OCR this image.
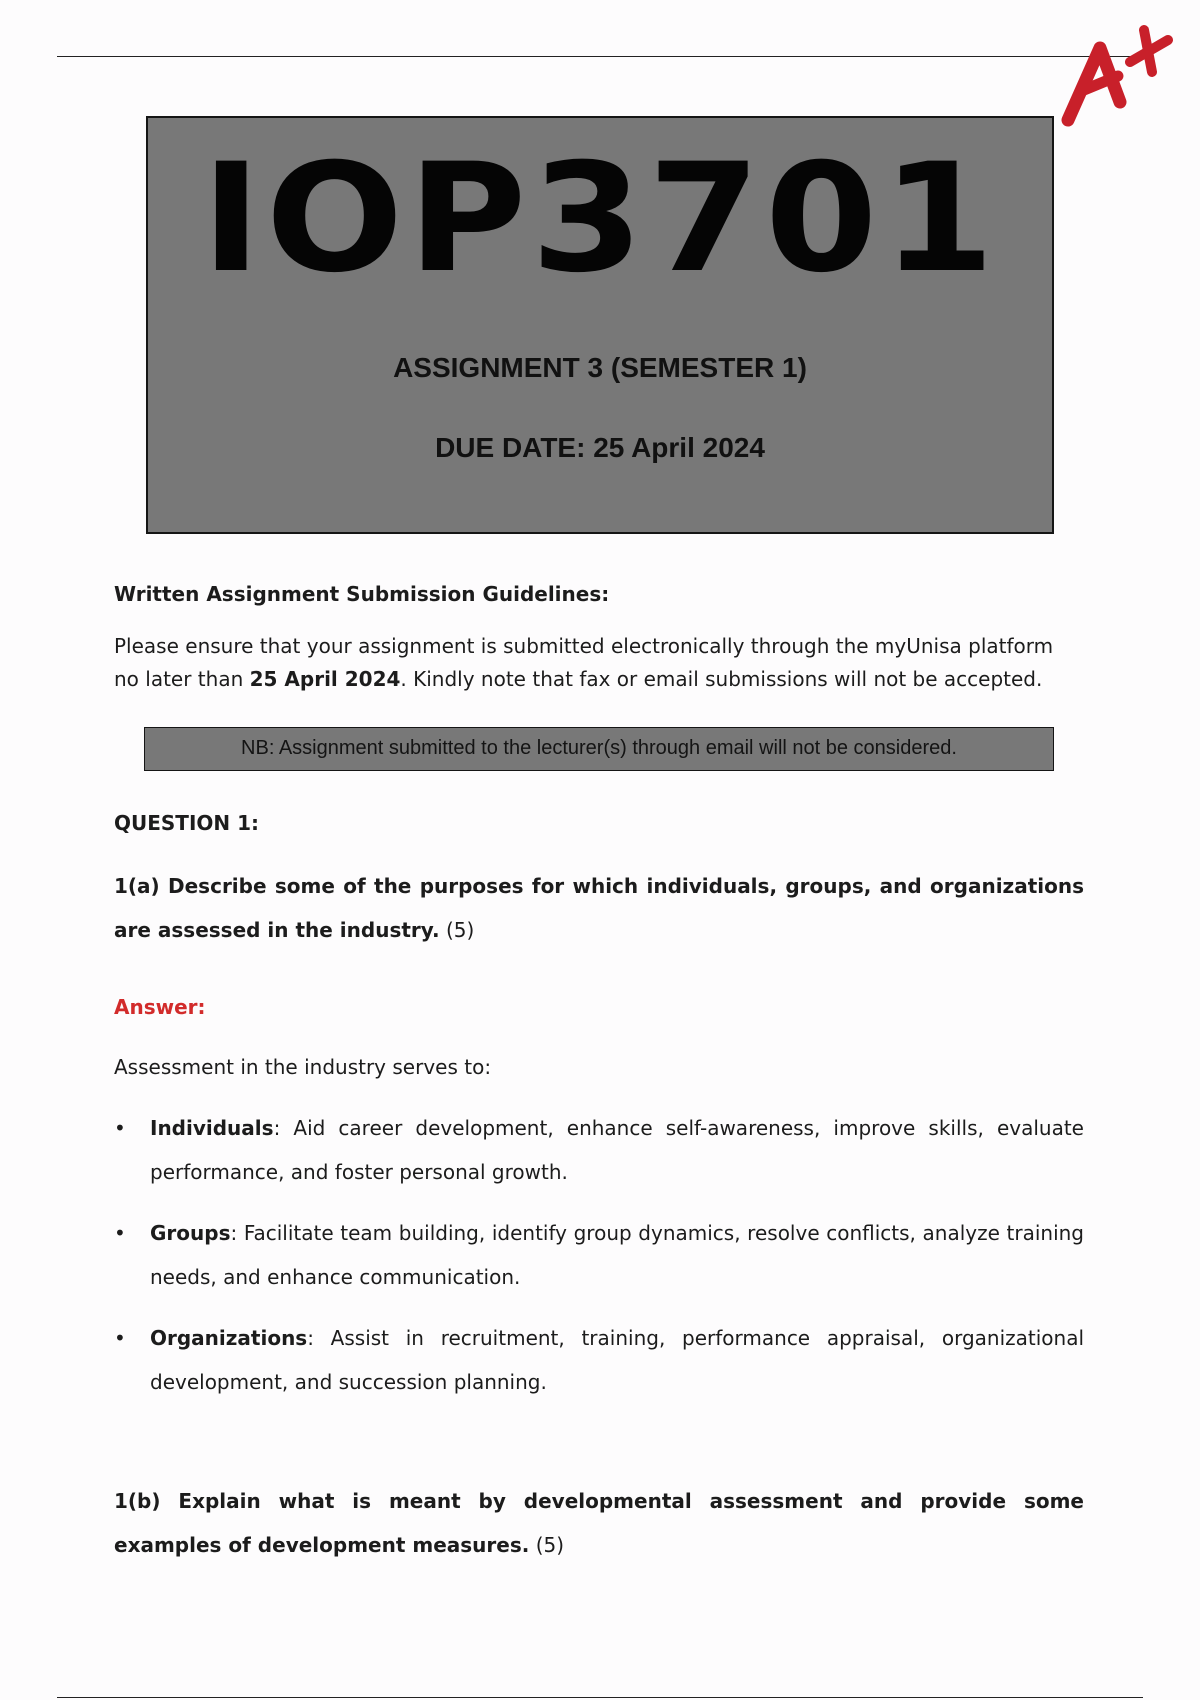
IOP3701
ASSIGNMENT 3 (SEMESTER 1)
DUE DATE: 25 April 2024
Written Assignment Submission Guidelines:
Please ensure that your assignment is submitted electronically through the myUnisa platform no later than 25 April 2024. Kindly note that fax or email submissions will not be accepted.
NB: Assignment submitted to the lecturer(s) through email will not be considered.
QUESTION 1:
1(a) Describe some of the purposes for which individuals, groups, and organizations are assessed in the industry. (5)
Answer:
Assessment in the industry serves to:
•	Individuals: Aid career development, enhance self-awareness, improve skills, evaluate performance, and foster personal growth.
•	Groups: Facilitate team building, identify group dynamics, resolve conflicts, analyze training needs, and enhance communication.
•	Organizations: Assist in recruitment, training, performance appraisal, organizational development, and succession planning.
1(b) Explain what is meant by developmental assessment and provide some examples of development measures. (5)
